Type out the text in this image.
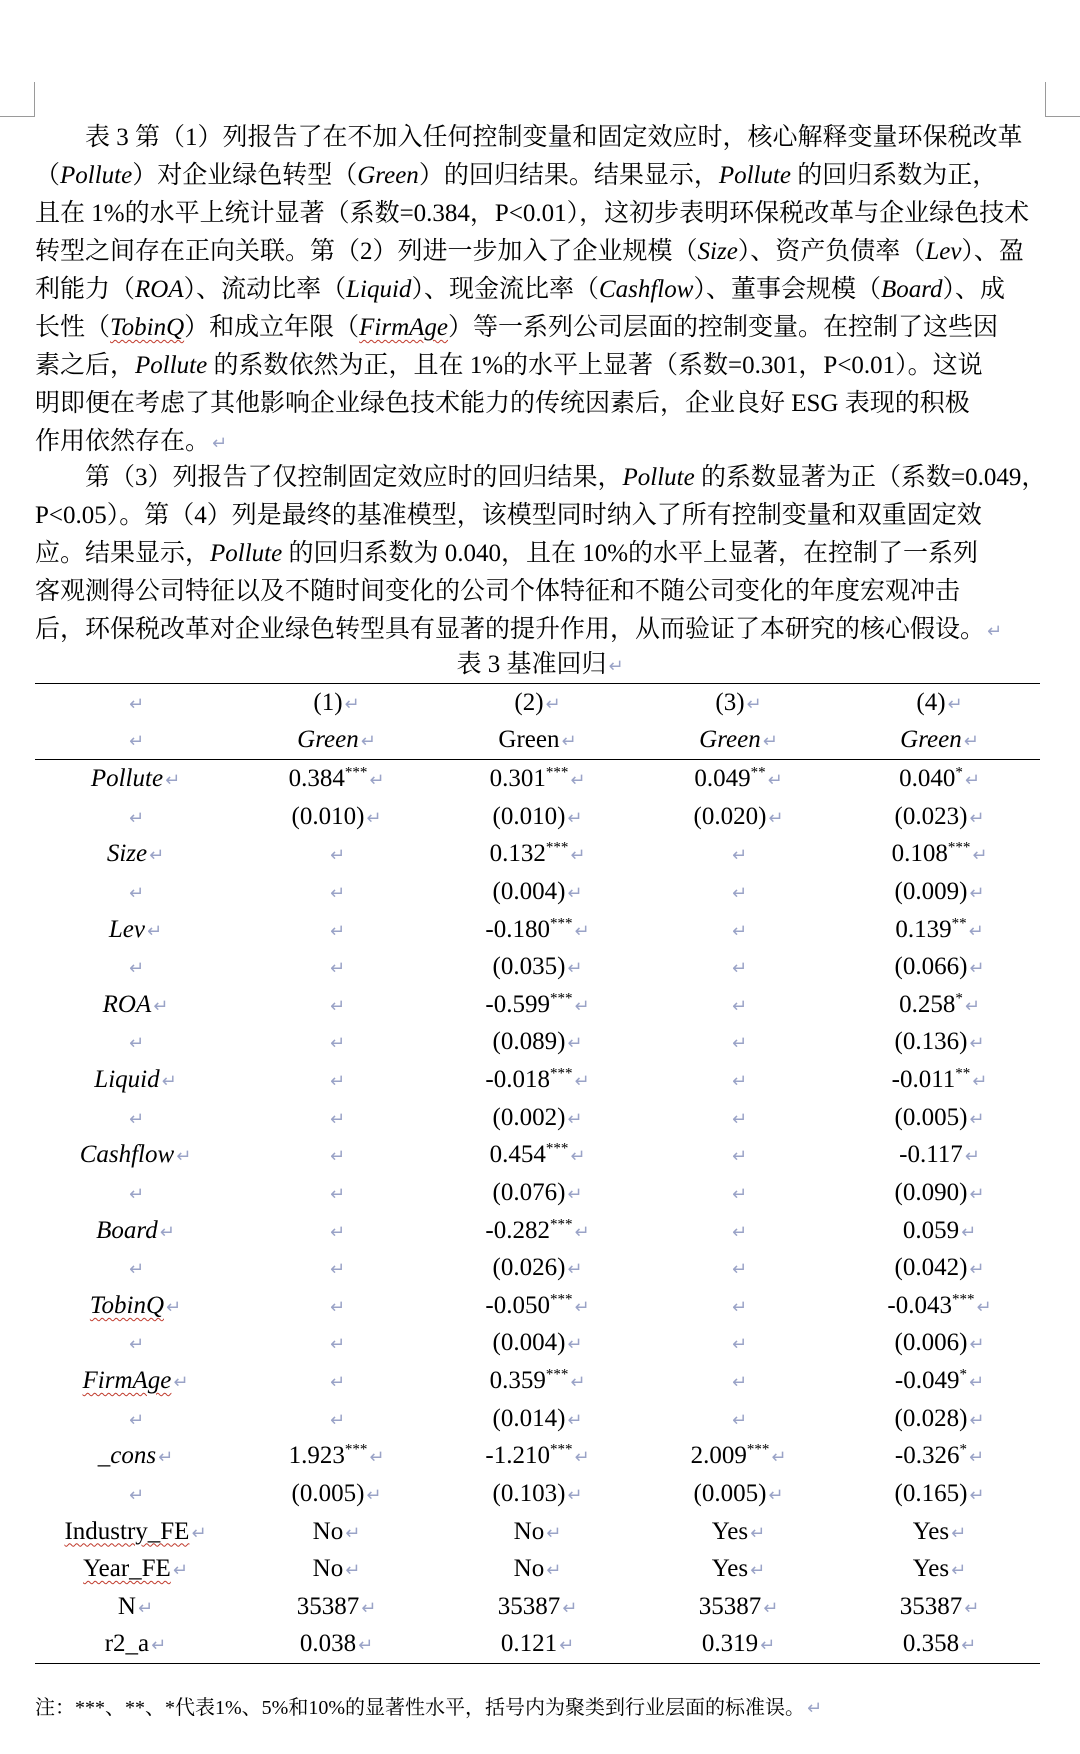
表 3 第（1）列报告了在不加入任何控制变量和固定效应时，核心解释变量环保税改革
（Pollute）对企业绿色转型（Green）的回归结果。结果显示，Pollute 的回归系数为正，
且在 1%的水平上统计显著（系数=0.384，P<0.01），这初步表明环保税改革与企业绿色技术
转型之间存在正向关联。第（2）列进一步加入了企业规模（Size）、资产负债率（Lev）、盈
利能力（ROA）、流动比率（Liquid）、现金流比率（Cashflow）、董事会规模（Board）、成
长性（TobinQ）和成立年限（FirmAge）等一系列公司层面的控制变量。在控制了这些因
素之后，Pollute 的系数依然为正，且在 1%的水平上显著（系数=0.301，P<0.01）。这说
明即便在考虑了其他影响企业绿色技术能力的传统因素后，企业良好 ESG 表现的积极
作用依然存在。 ↵
第（3）列报告了仅控制固定效应时的回归结果，Pollute 的系数显著为正（系数=0.049，
P<0.05）。第（4）列是最终的基准模型，该模型同时纳入了所有控制变量和双重固定效
应。结果显示，Pollute 的回归系数为 0.040，且在 10%的水平上显著，在控制了一系列
客观测得公司特征以及不随时间变化的公司个体特征和不随公司变化的年度宏观冲击
后，环保税改革对企业绿色转型具有显著的提升作用，从而验证了本研究的核心假设。 ↵
表 3 基准回归 ↵
↵	(1) ↵	(2) ↵	(3) ↵	(4) ↵
↵	Green ↵	Green ↵	Green ↵	Green ↵
Pollute ↵	0.384*** ↵	0.301*** ↵	0.049** ↵	0.040* ↵
↵	(0.010) ↵	(0.010) ↵	(0.020) ↵	(0.023) ↵
Size ↵	↵	0.132*** ↵	↵	0.108*** ↵
↵	↵	(0.004) ↵	↵	(0.009) ↵
Lev ↵	↵	-0.180*** ↵	↵	0.139** ↵
↵	↵	(0.035) ↵	↵	(0.066) ↵
ROA ↵	↵	-0.599*** ↵	↵	0.258* ↵
↵	↵	(0.089) ↵	↵	(0.136) ↵
Liquid ↵	↵	-0.018*** ↵	↵	-0.011** ↵
↵	↵	(0.002) ↵	↵	(0.005) ↵
Cashflow ↵	↵	0.454*** ↵	↵	-0.117 ↵
↵	↵	(0.076) ↵	↵	(0.090) ↵
Board ↵	↵	-0.282*** ↵	↵	0.059 ↵
↵	↵	(0.026) ↵	↵	(0.042) ↵
TobinQ ↵	↵	-0.050*** ↵	↵	-0.043*** ↵
↵	↵	(0.004) ↵	↵	(0.006) ↵
FirmAge ↵	↵	0.359*** ↵	↵	-0.049* ↵
↵	↵	(0.014) ↵	↵	(0.028) ↵
_cons ↵	1.923*** ↵	-1.210*** ↵	2.009*** ↵	-0.326* ↵
↵	(0.005) ↵	(0.103) ↵	(0.005) ↵	(0.165) ↵
Industry_FE ↵	No ↵	No ↵	Yes ↵	Yes ↵
Year_FE ↵	No ↵	No ↵	Yes ↵	Yes ↵
N ↵	35387 ↵	35387 ↵	35387 ↵	35387 ↵
r2_a ↵	0.038 ↵	0.121 ↵	0.319 ↵	0.358 ↵
注：***、**、*代表1%、5%和10%的显著性水平，括号内为聚类到行业层面的标准误。 ↵
